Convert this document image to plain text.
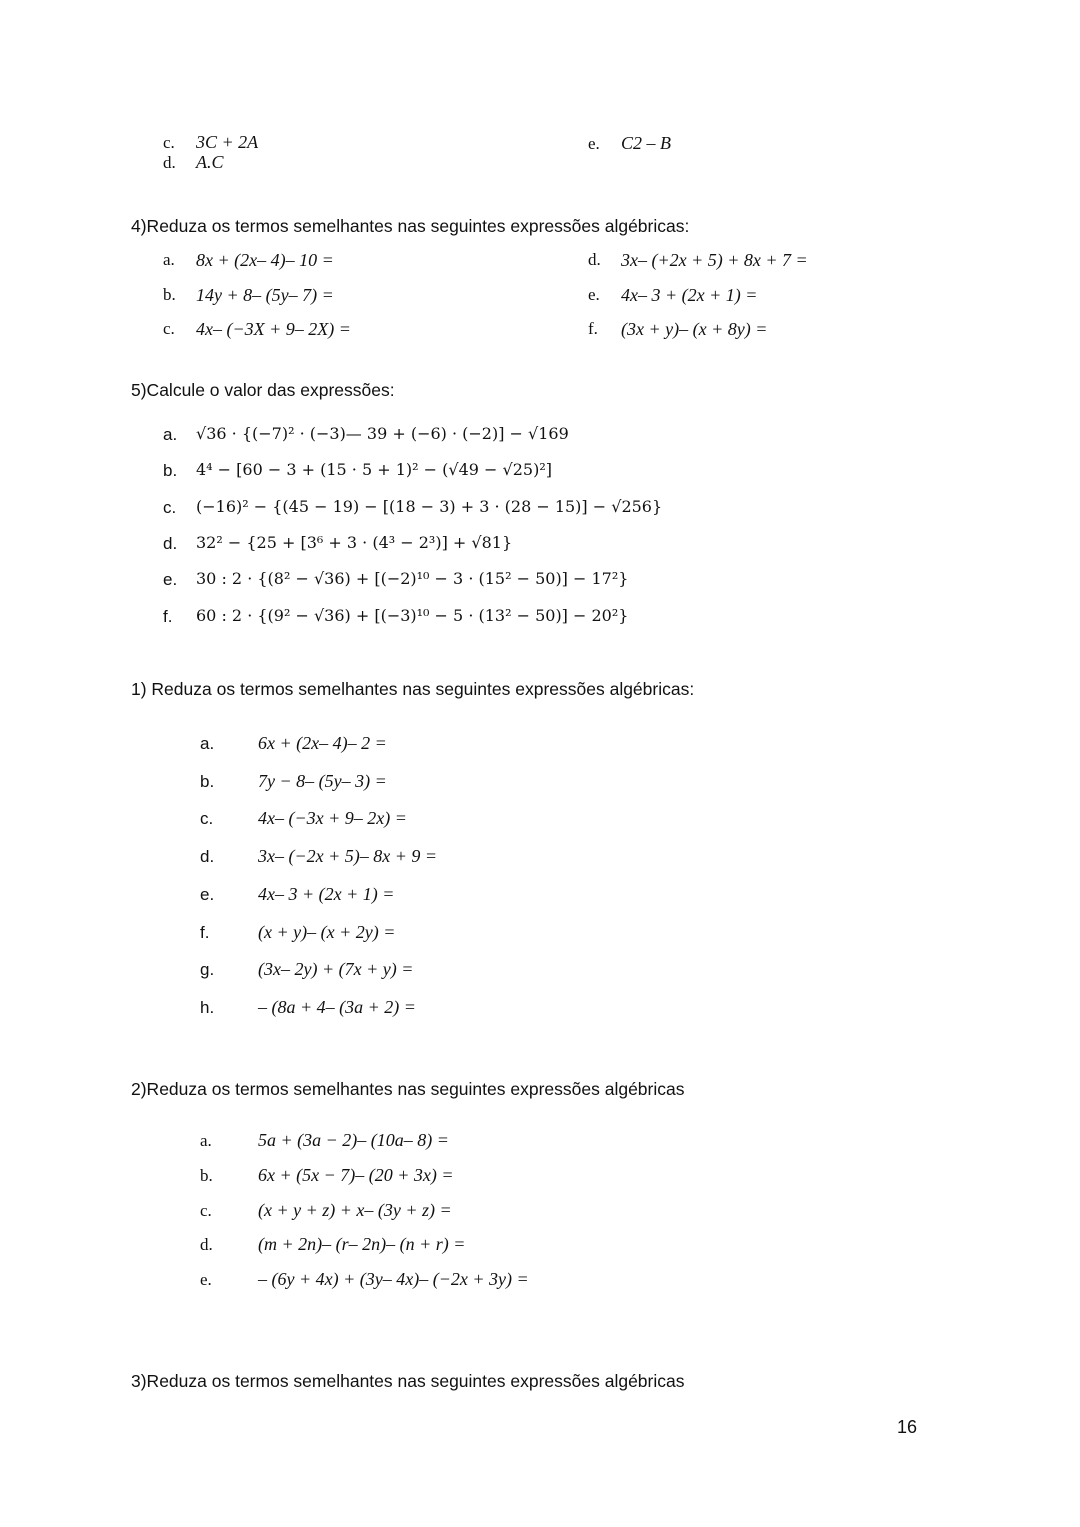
c. 3C + 2A
d. A.C
e. C2 – B
4)Reduza os termos semelhantes nas seguintes expressões algébricas:
a. 8x + (2x– 4)– 10 =
b. 14y + 8– (5y– 7) =
c. 4x– (−3X + 9– 2X) =
d. 3x– (+2x + 5) + 8x + 7 =
e. 4x– 3 + (2x + 1) =
f. (3x + y)– (x + 8y) =
5)Calcule o valor das expressões:
a. √36 · {(−7)² · (−3)— 39 + (−6) · (−2)] − √169
b. 4⁴ − [60 − 3 + (15 · 5 + 1)² − (√49 − √25)²]
c. (−16)² − {(45 − 19) − [(18 − 3) + 3 · (28 − 15)] − √256}
d. 32² − {25 + [3⁶ + 3 · (4³ − 2³)] + √81}
e. 30 : 2 · {(8² − √36) + [(−2)¹⁰ − 3 · (15² − 50)] − 17²}
f. 60 : 2 · {(9² − √36) + [(−3)¹⁰ − 5 · (13² − 50)] − 20²}
1) Reduza os termos semelhantes nas seguintes expressões algébricas:
a. 6x + (2x– 4)– 2 =
b. 7y − 8– (5y– 3) =
c. 4x– (−3x + 9– 2x) =
d. 3x– (−2x + 5)– 8x + 9 =
e. 4x– 3 + (2x + 1) =
f.	(x + y)– (x + 2y) =
g. (3x– 2y) + (7x + y) =
h. – (8a + 4– (3a + 2) =
2)Reduza os termos semelhantes nas seguintes expressões algébricas
a.	5a + (3a − 2)– (10a– 8) =
b.	6x + (5x − 7)– (20 + 3x) =
c.	(x + y + z) + x– (3y + z) =
d.	(m + 2n)– (r– 2n)– (n + r) =
e.	– (6y + 4x) + (3y– 4x)– (−2x + 3y) =
3)Reduza os termos semelhantes nas seguintes expressões algébricas
16
